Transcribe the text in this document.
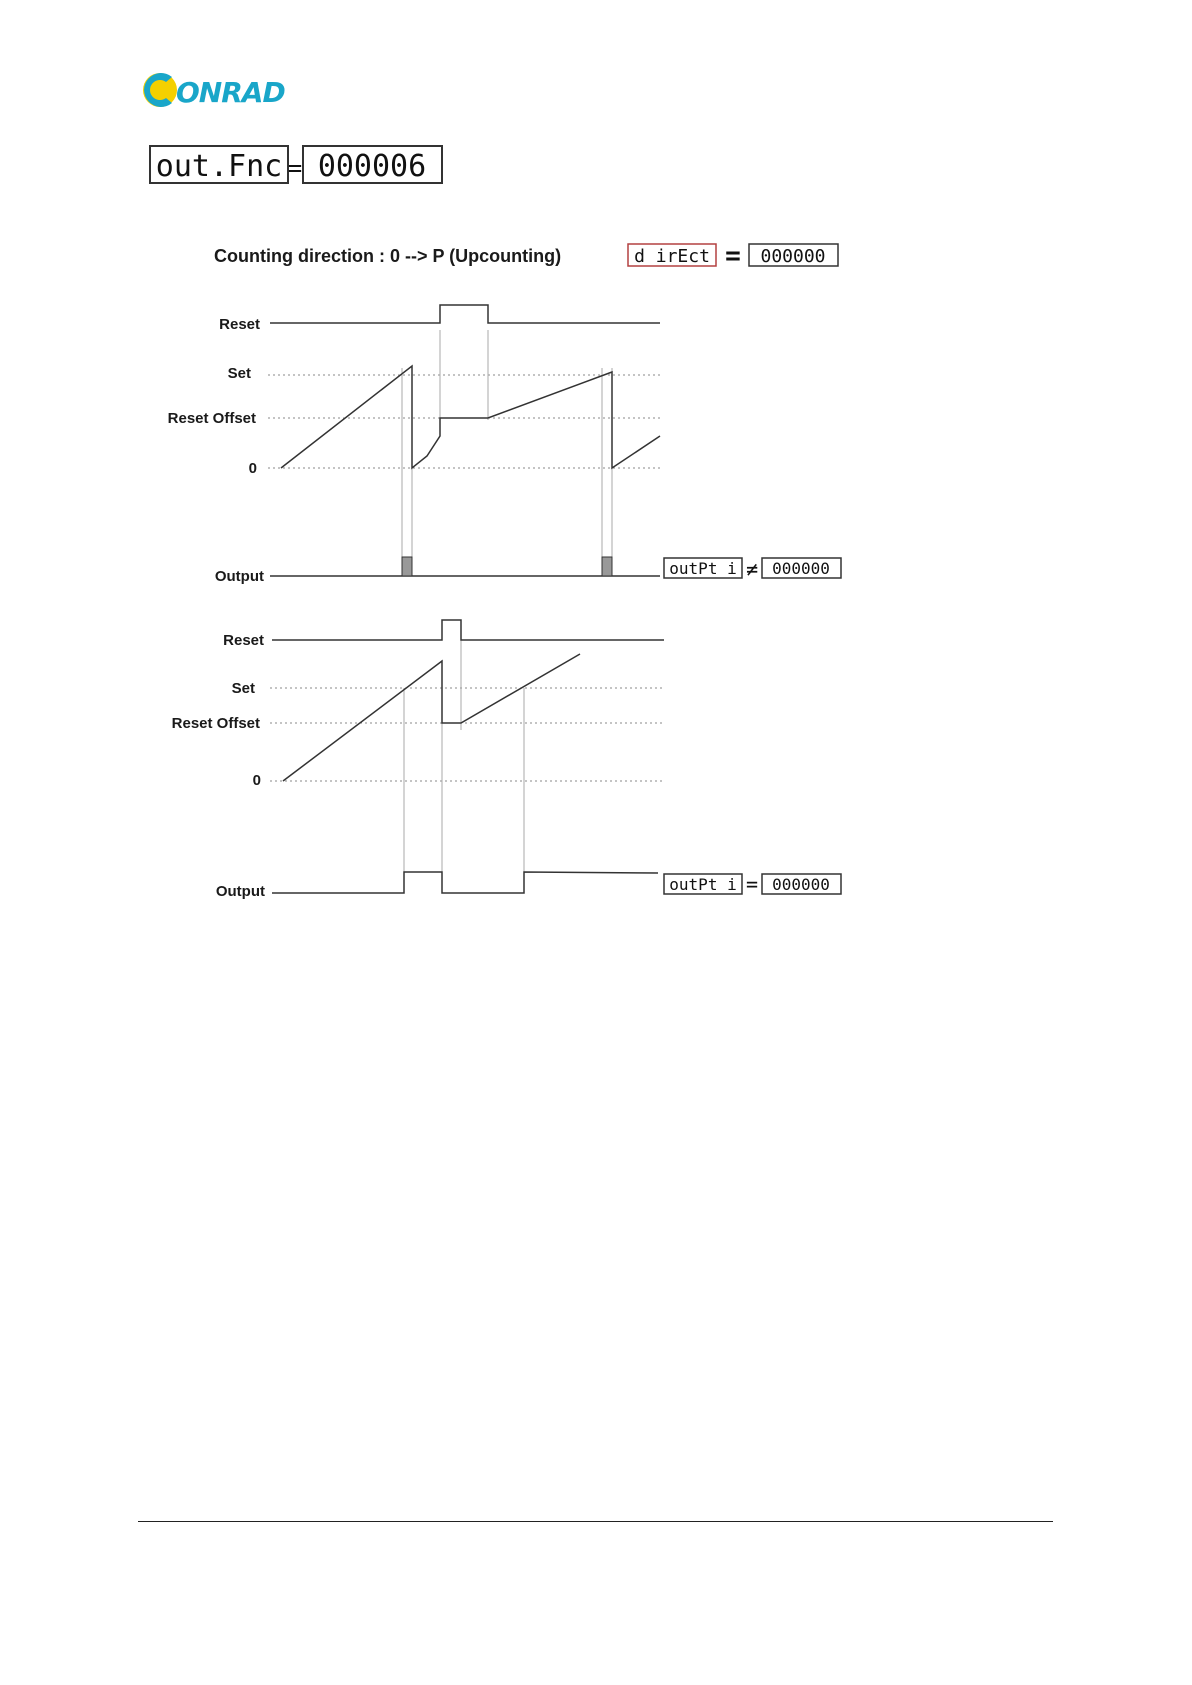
ONRAD
out.Fnc = 000006
Counting direction : 0 --> P (Upcounting)	d irEct = 000000
Reset
Set
Reset Offset
0
Output	outPt i ≠ 000000
Reset
Set
Reset Offset
0
Output	outPt i = 000000
